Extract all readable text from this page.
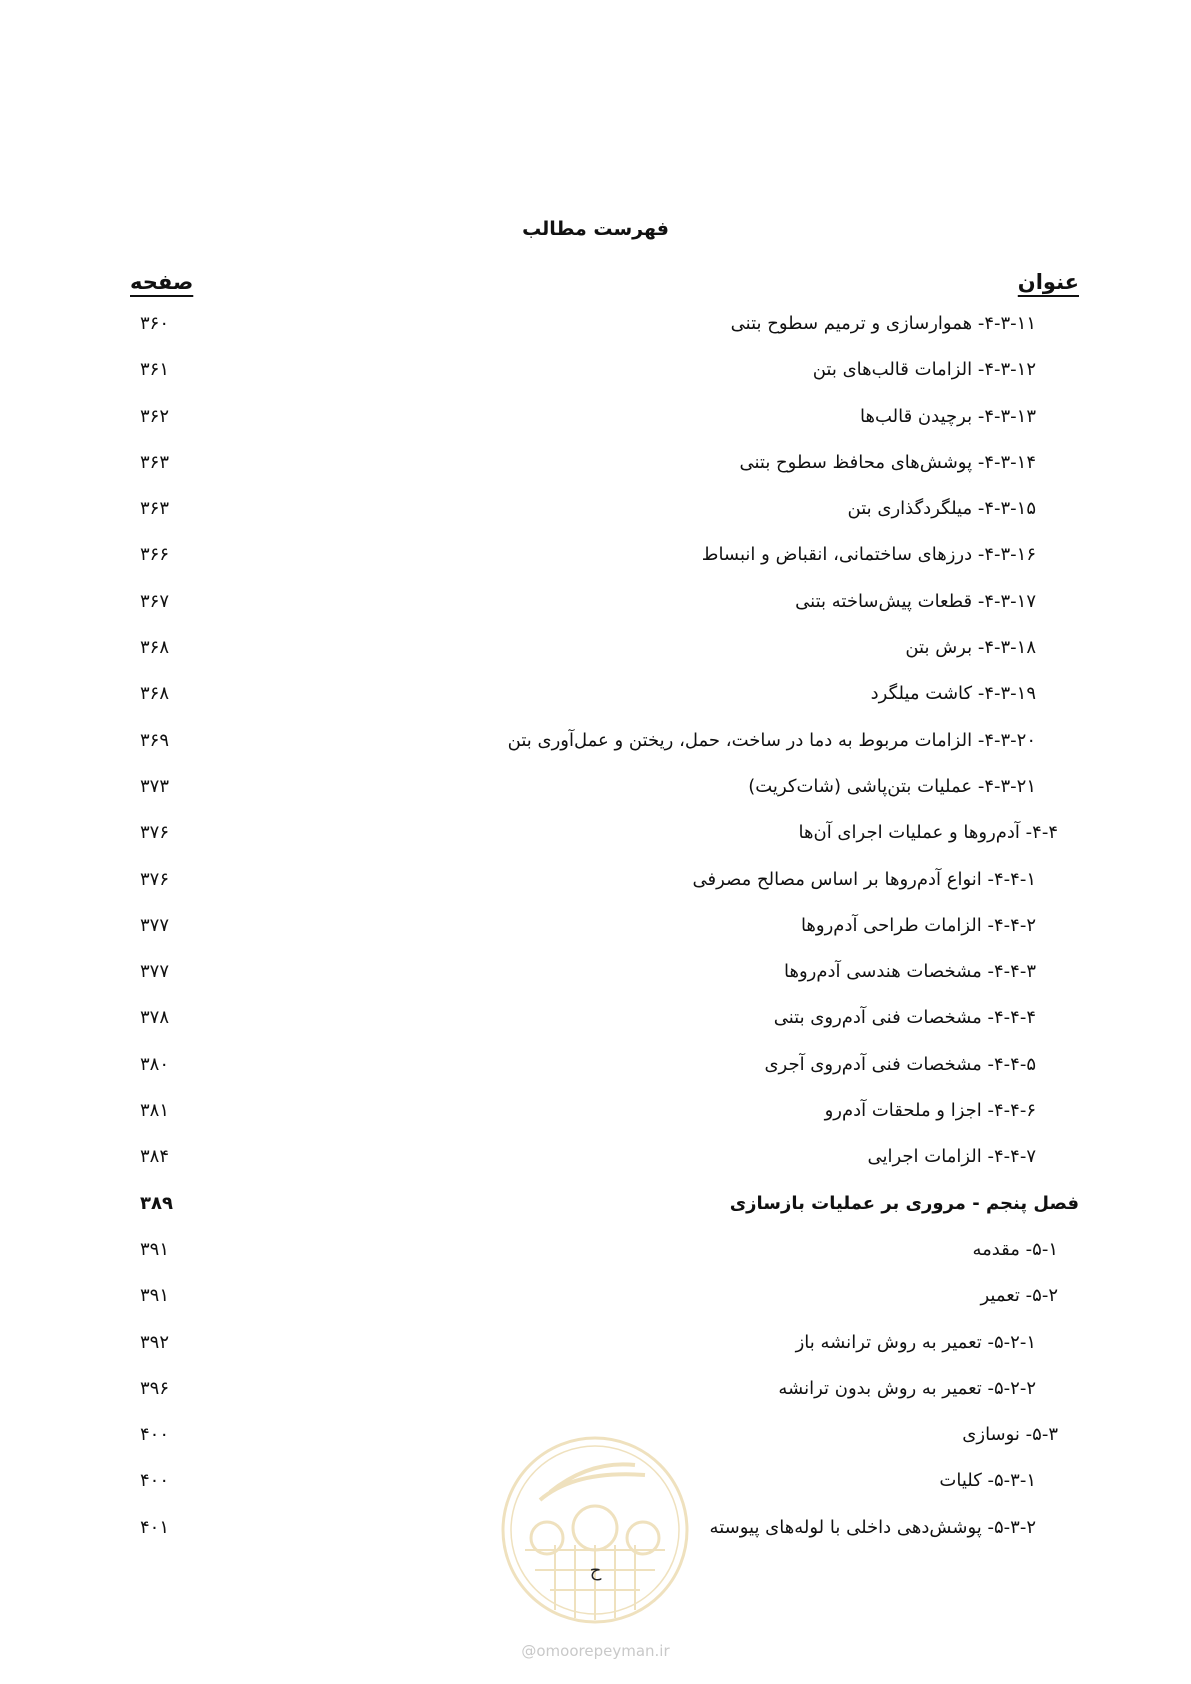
فهرست مطالب
عنوان
صفحه
۴-۳-۱۱- هموارسازی و ترمیم سطوح بتنی
۳۶۰
۴-۳-۱۲- الزامات قالب‌های بتن
۳۶۱
۴-۳-۱۳- برچیدن قالب‌ها
۳۶۲
۴-۳-۱۴- پوشش‌های محافظ سطوح بتنی
۳۶۳
۴-۳-۱۵- میلگردگذاری بتن
۳۶۳
۴-۳-۱۶- درزهای ساختمانی، انقباض و انبساط
۳۶۶
۴-۳-۱۷- قطعات پیش‌ساخته بتنی
۳۶۷
۴-۳-۱۸- برش بتن
۳۶۸
۴-۳-۱۹- کاشت میلگرد
۳۶۸
۴-۳-۲۰- الزامات مربوط به دما در ساخت، حمل، ریختن و عمل‌آوری بتن
۳۶۹
۴-۳-۲۱- عملیات بتن‌پاشی (شات‌کریت)
۳۷۳
۴-۴- آدم‌روها و عملیات اجرای آن‌ها
۳۷۶
۴-۴-۱- انواع آدم‌روها بر اساس مصالح مصرفی
۳۷۶
۴-۴-۲- الزامات طراحی آدم‌روها
۳۷۷
۴-۴-۳- مشخصات هندسی آدم‌روها
۳۷۷
۴-۴-۴- مشخصات فنی آدم‌روی بتنی
۳۷۸
۴-۴-۵- مشخصات فنی آدم‌روی آجری
۳۸۰
۴-۴-۶- اجزا و ملحقات آدم‌رو
۳۸۱
۴-۴-۷- الزامات اجرایی
۳۸۴
فصل پنجم - مروری بر عملیات بازسازی
۳۸۹
۵-۱- مقدمه
۳۹۱
۵-۲- تعمیر
۳۹۱
۵-۲-۱- تعمیر به روش ترانشه باز
۳۹۲
۵-۲-۲- تعمیر به روش بدون ترانشه
۳۹۶
۵-۳- نوسازی
۴۰۰
۵-۳-۱- کلیات
۴۰۰
۵-۳-۲- پوشش‌دهی داخلی با لوله‌های پیوسته
۴۰۱
ح
@omoorepeyman.ir
